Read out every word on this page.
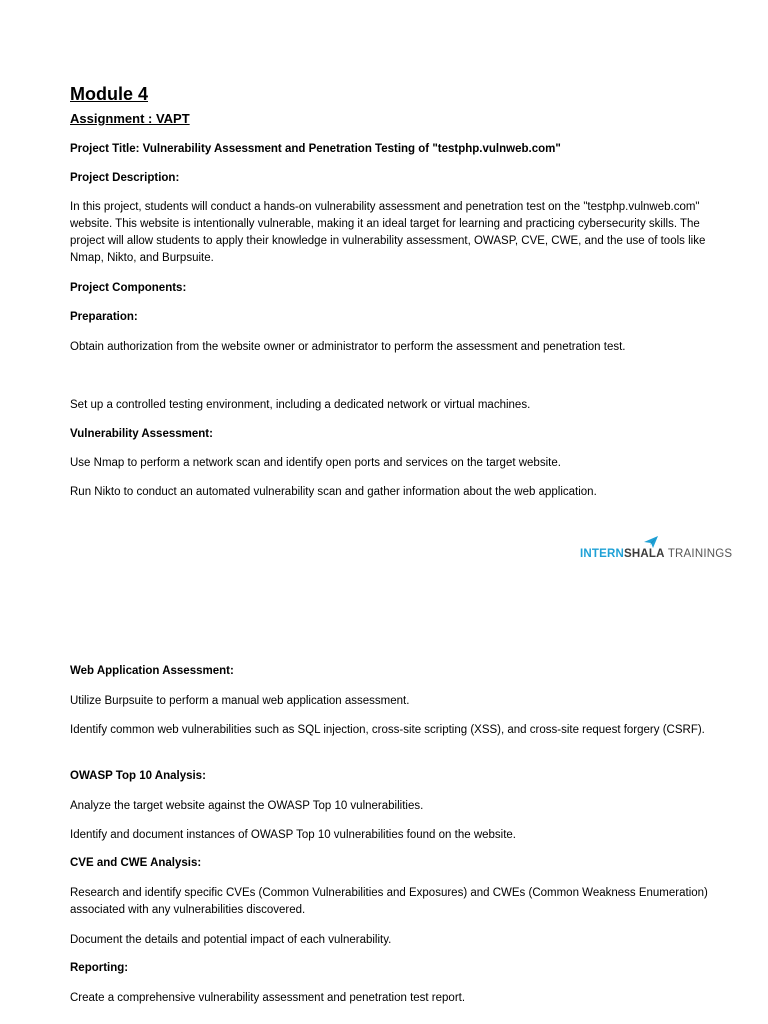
Module 4
Assignment : VAPT
Project Title: Vulnerability Assessment and Penetration Testing of "testphp.vulnweb.com"
Project Description:
In this project, students will conduct a hands-on vulnerability assessment and penetration test on the "testphp.vulnweb.com" website. This website is intentionally vulnerable, making it an ideal target for learning and practicing cybersecurity skills. The project will allow students to apply their knowledge in vulnerability assessment, OWASP, CVE, CWE, and the use of tools like Nmap, Nikto, and Burpsuite.
Project Components:
Preparation:
Obtain authorization from the website owner or administrator to perform the assessment and penetration test.
Set up a controlled testing environment, including a dedicated network or virtual machines.
Vulnerability Assessment:
Use Nmap to perform a network scan and identify open ports and services on the target website.
Run Nikto to conduct an automated vulnerability scan and gather information about the web application.
INTERNSHALA TRAININGS
Web Application Assessment:
Utilize Burpsuite to perform a manual web application assessment.
Identify common web vulnerabilities such as SQL injection, cross-site scripting (XSS), and cross-site request forgery (CSRF).
OWASP Top 10 Analysis:
Analyze the target website against the OWASP Top 10 vulnerabilities.
Identify and document instances of OWASP Top 10 vulnerabilities found on the website.
CVE and CWE Analysis:
Research and identify specific CVEs (Common Vulnerabilities and Exposures) and CWEs (Common Weakness Enumeration) associated with any vulnerabilities discovered.
Document the details and potential impact of each vulnerability.
Reporting:
Create a comprehensive vulnerability assessment and penetration test report.
